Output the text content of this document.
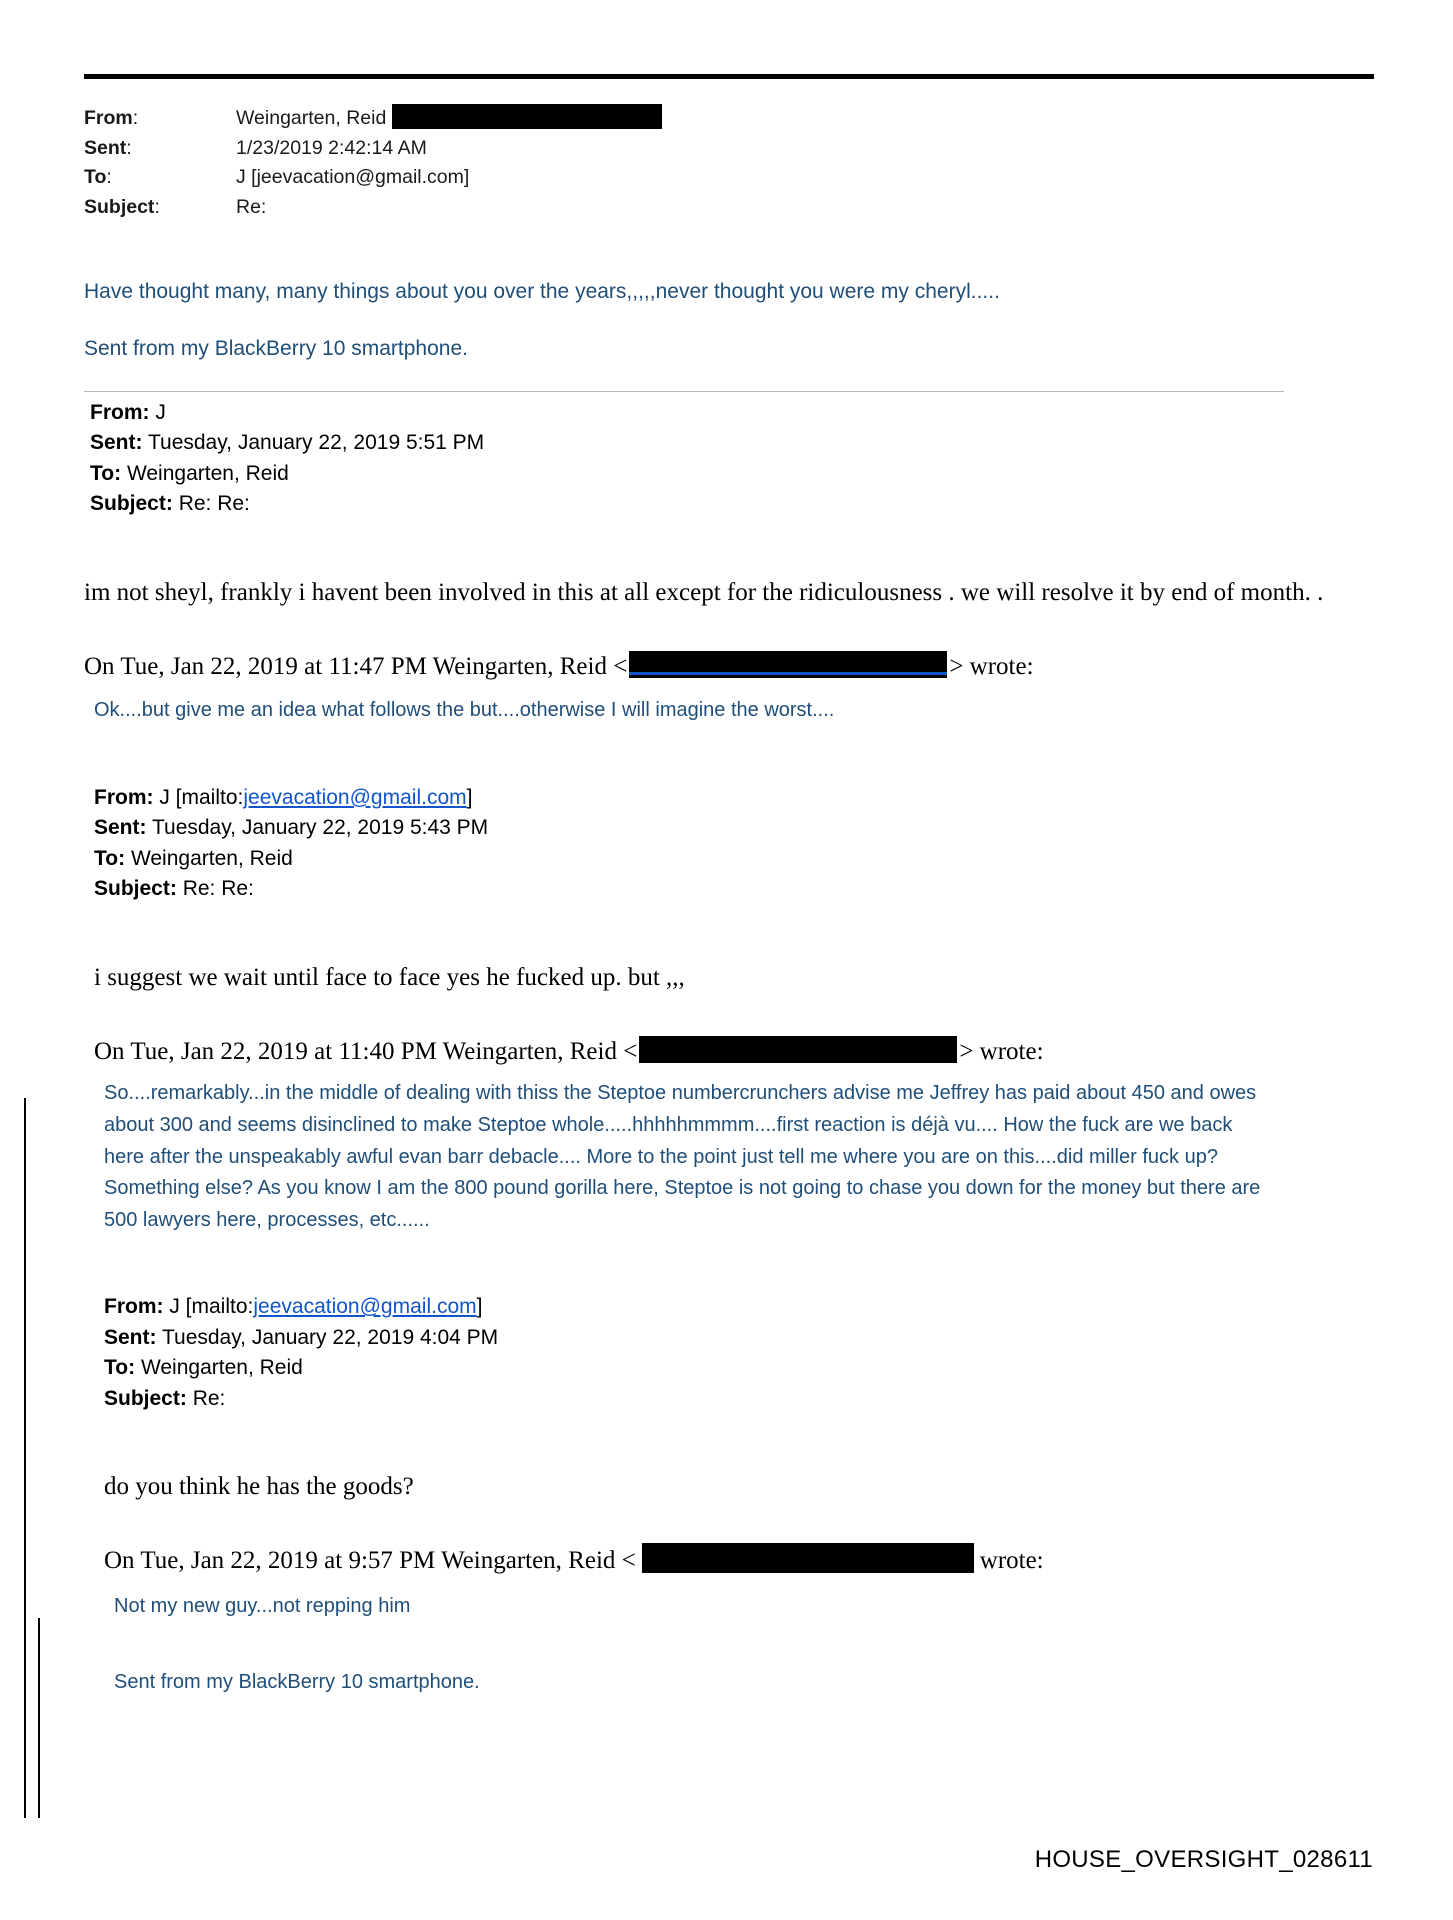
From:	Weingarten, Reid
Sent:	1/23/2019 2:42:14 AM
To:	J [jeevacation@gmail.com]
Subject:	Re:

Have thought many, many things about you over the years,,,,,never thought you were my cheryl.....

Sent from my BlackBerry 10 smartphone.

From: J
Sent: Tuesday, January 22, 2019 5:51 PM
To: Weingarten, Reid
Subject: Re: Re:
im not sheyl, frankly i havent been involved in this at all except for the ridiculousness . we will resolve it by end of month. .
On Tue, Jan 22, 2019 at 11:47 PM Weingarten, Reid <	> wrote:
Ok....but give me an idea what follows the but....otherwise I will imagine the worst....
From: J [mailto:jeevacation@gmail.com]
Sent: Tuesday, January 22, 2019 5:43 PM
To: Weingarten, Reid
Subject: Re: Re:
i suggest we wait until face to face yes he fucked up. but ,,,
On Tue, Jan 22, 2019 at 11:40 PM Weingarten, Reid <	> wrote:
So....remarkably...in the middle of dealing with thiss the Steptoe numbercrunchers advise me Jeffrey has paid about 450 and owes about 300 and seems disinclined to make Steptoe whole.....hhhhhmmmm....first reaction is déjà vu.... How the fuck are we back here after the unspeakably awful evan barr debacle.... More to the point just tell me where you are on this....did miller fuck up? Something else? As you know I am the 800 pound gorilla here, Steptoe is not going to chase you down for the money but there are 500 lawyers here, processes, etc......
From: J [mailto:jeevacation@gmail.com]
Sent: Tuesday, January 22, 2019 4:04 PM
To: Weingarten, Reid
Subject: Re:
do you think he has the goods?
On Tue, Jan 22, 2019 at 9:57 PM Weingarten, Reid <	wrote:
Not my new guy...not repping him
Sent from my BlackBerry 10 smartphone.
HOUSE_OVERSIGHT_028611
